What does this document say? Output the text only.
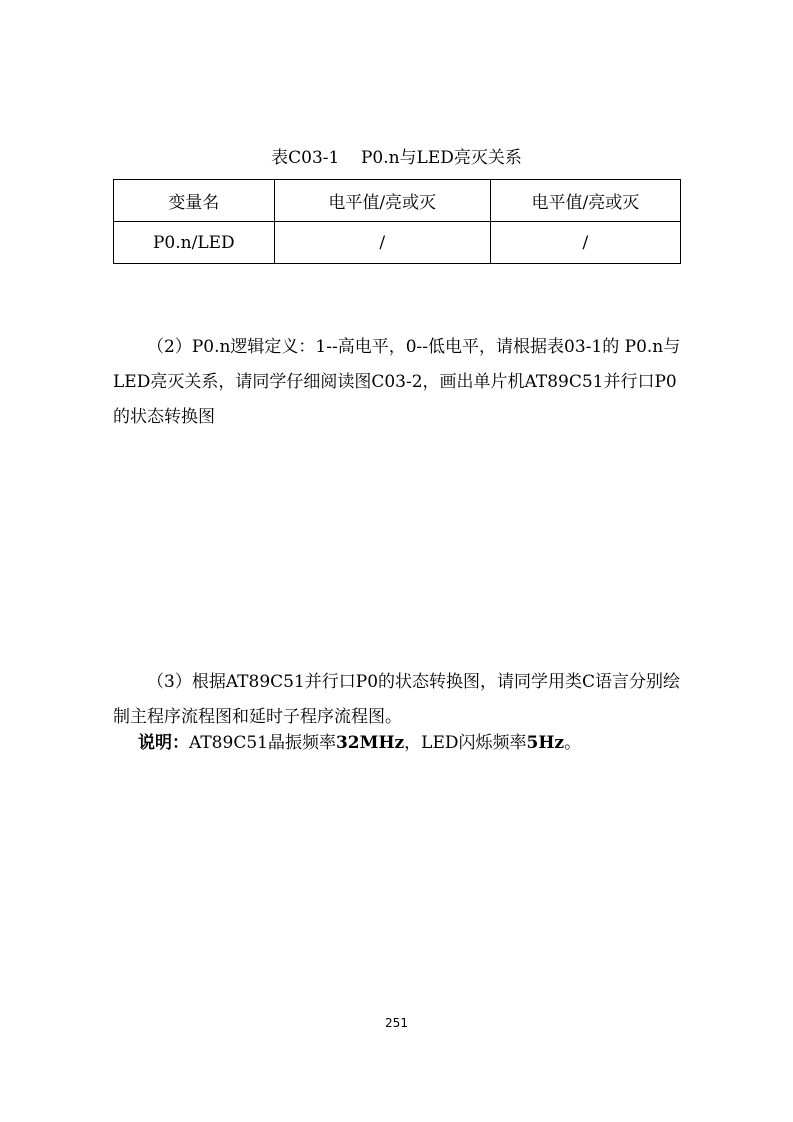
表C03-1    P0.n与LED亮灭关系
变量名	电平值/亮或灭	电平值/亮或灭
P0.n/LED	/	/

（2）P0.n逻辑定义：1--高电平，0--低电平，请根据表03-1的 P0.n与LED亮灭关系，请同学仔细阅读图C03-2，画出单片机AT89C51并行口P0的状态转换图

（3）根据AT89C51并行口P0的状态转换图，请同学用类C语言分别绘制主程序流程图和延时子程序流程图。

说明：AT89C51晶振频率32MHz，LED闪烁频率5Hz。
251
